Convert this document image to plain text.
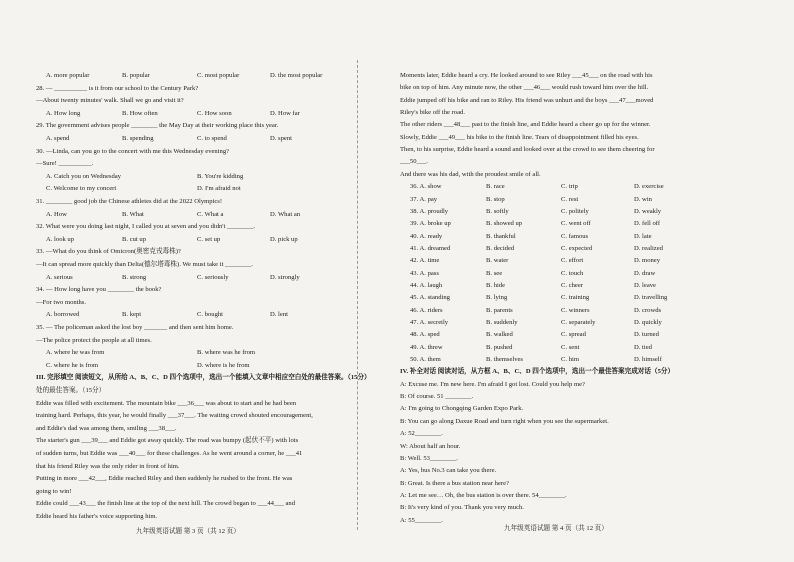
A. more popular	B. popular	C. most popular	D. the most popular
28. — __________ is it from our school to the Century Park?
—About twenty minutes' walk. Shall we go and visit it?
A. How long	B. How often	C. How soon	D. How far
29. The government advises people ________ the May Day at their working place this year.
A. spend	B. spending	C. to spend	D. spent
30. —Linda, can you go to the concert with me this Wednesday evening?
—Sure! __________.
A. Catch you on Wednesday	B. You're kidding
C. Welcome to my concert	D. I'm afraid not
31. ________ good job the Chinese athletes did at the 2022 Olympics!
A. How	B. What	C. What a	D. What an
32. What were you doing last night, I called you at seven and you didn't ________.
A. look up	B. cut up	C. set up	D. pick up
33. —What do you think of Omicron(奥密克戎毒株)?
—It can spread more quickly than Delta(德尔塔毒株). We must take it ________.
A. serious	B. strong	C. seriously	D. strongly
34. — How long have you ________ the book?
—For two months.
A. borrowed	B. kept	C. bought	D. lent
35. — The policeman asked the lost boy _______ and then sent him home.
—The police protect the people at all times.
A. where he was from	B. where was he from
C. where he is from	D. where is he from
III. 完形填空 阅读短文，从所给 A、B、C、D 四个选项中，选出一个能填入文章中相应空白处的最佳答案。（15分）
处的最佳答案。（15分）
Eddie was filled with excitement. The mountain bike ___36___ was about to start and he had been
training hard. Perhaps, this year, he would finally ___37___. The waiting crowd shouted encouragement,
and Eddie's dad was among them, smiling ___38___.
The starter's gun ___39___ and Eddie got away quickly. The road was bumpy (起伏不平) with lots
of sudden turns, but Eddie was ___40___ for these challenges. As he went around a corner, he ___41
that his friend Riley was the only rider in front of him.
Putting in more ___42___, Eddie reached Riley and then suddenly he rushed to the front. He was
going to win!
Eddie could ___43___ the finish line at the top of the next hill. The crowd began to ___44___ and
Eddie heard his father's voice supporting him.
九年级英语试题 第 3 页（共 12 页）
Moments later, Eddie heard a cry. He looked around to see Riley ___45___ on the road with his
bike on top of him. Any minute now, the other ___46___ would rush toward him over the hill.
Eddie jumped off his bike and ran to Riley. His friend was unhurt and the boys ___47___moved
Riley's bike off the road.
The other riders ___48___ past to the finish line, and Eddie heard a cheer go up for the winner.
Slowly, Eddie ___49___ his bike to the finish line. Tears of disappointment filled his eyes.
Then, to his surprise, Eddie heard a sound and looked over at the crowd to see them cheering for
___50___.
And there was his dad, with the proudest smile of all.
36. A. show	B. race	C. trip	D. exercise
37. A. pay	B. stop	C. rest	D. win
38. A. proudly	B. softly	C. politely	D. weakly
39. A. broke up	B. showed up	C. went off	D. fell off
40. A. ready	B. thankful	C. famous	D. late
41. A. dreamed	B. decided	C. expected	D. realized
42. A. time	B. water	C. effort	D. money
43. A. pass	B. see	C. touch	D. draw
44. A. laugh	B. hide	C. cheer	D. leave
45. A. standing	B. lying	C. training	D. travelling
46. A. riders	B. parents	C. winners	D. crowds
47. A. secretly	B. suddenly	C. separately	D. quickly
48. A. sped	B. walked	C. spread	D. turned
49. A. threw	B. pushed	C. sent	D. tied
50. A. them	B. themselves	C. him	D. himself
IV. 补全对话 阅读对话，从方框 A、B、C、D 四个选项中，选出一个最佳答案完成对话（5分）
A: Excuse me. I'm new here. I'm afraid I got lost. Could you help me?
B: Of course. 51 ________.
A: I'm going to Chongqing Garden Expo Park.
B: You can go along Daxue Road and turn right when you see the supermarket.
A: 52________.
W: About half an hour.
B: Well. 53________.
A: Yes, bus No.3 can take you there.
B: Great. Is there a bus station near here?
A: Let me see… Oh, the bus station is over there. 54________.
B: It's very kind of you. Thank you very much.
A: 55________.
九年级英语试题 第 4 页（共 12 页）
